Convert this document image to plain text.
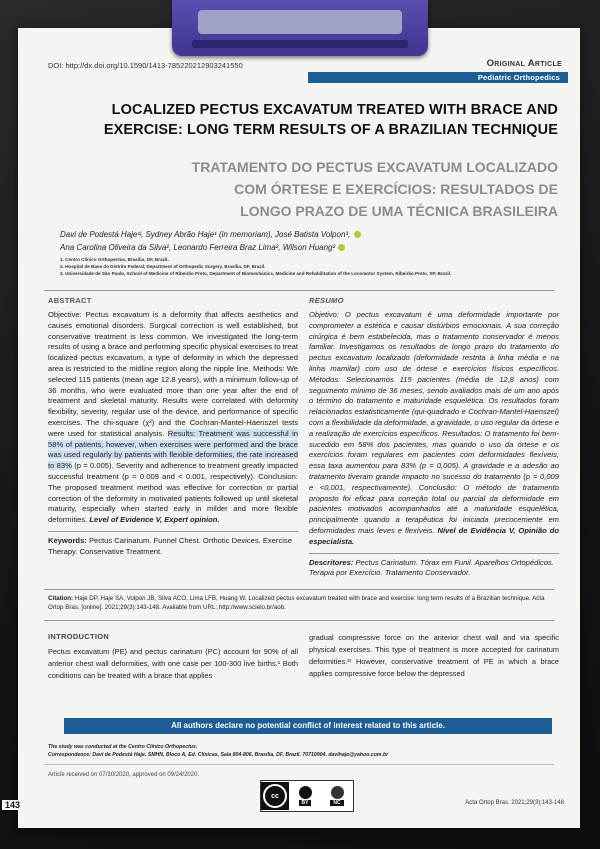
DOI: http://dx.doi.org/10.1590/1413-785220212903241550	Original Article
Pediatric Orthopedics
LOCALIZED PECTUS EXCAVATUM TREATED WITH BRACE AND EXERCISE: LONG TERM RESULTS OF A BRAZILIAN TECHNIQUE
TRATAMENTO DO PECTUS EXCAVATUM LOCALIZADO
COM ÓRTESE E EXERCÍCIOS: RESULTADOS DE
LONGO PRAZO DE UMA TÉCNICA BRASILEIRA
Davi de Podestá Haje¹ʲ, Sydney Abrão Haje¹ (in memoriam), José Batista Volpon³,
Ana Carolina Oliveira da Silva², Leonardo Ferreira Braz Lima², Wilson Huang²
1. Centro Clínico Orthopectus, Brasília, DF, Brazil.
2. Hospital de Base do Distrito Federal, Department of Orthopedic Surgery, Brasília, DF, Brazil.
3. Universidade de São Paulo, School of Medicine of Ribeirão Preto, Department of Biomechanics, Medicine and Rehabilitation of the Locomotor System, Ribeirão Preto, SP, Brazil.
ABSTRACT
Objective: Pectus excavatum is a deformity that affects aesthetics and causes emotional disorders. Surgical correction is well established, but conservative treatment is less common. We investigated the long-term results of using a brace and performing specific physical exercises to treat localized pectus excavatum, a type of deformity in which the depressed area is restricted to the midline region along the nipple line. Methods: We selected 115 patients (mean age 12.8 years), with a minimum follow-up of 36 months, who were evaluated more than one year after the end of treatment and skeletal maturity. Results were correlated with deformity flexibility, severity, regular use of the device, and performance of specific exercises. The chi-square (χ²) and the Cochran-Mantel-Haenszel tests were used for statistical analysis. Results: Treatment was successful in 58% of patients, however, when exercises were performed and the brace was used regularly by patients with flexible deformities, the rate increased to 83% (p = 0.005). Severity and adherence to treatment greatly impacted successful treatment (p = 0.009 and < 0.001, respectively). Conclusion: The proposed treatment method was effective for correction or partial correction of the deformity in motivated patients followed up until skeletal maturity, especially when started early in milder and more flexible deformities. Level of Evidence V, Expert opinion.
Keywords: Pectus Carinatum. Funnel Chest. Orthotic Devices. Exercise Therapy. Conservative Treatment.
RESUMO
Objetivo: O pectus excavatum é uma deformidade importante por comprometer a estética e causar distúrbios emocionais. A sua correção cirúrgica é bem estabelecida, mas o tratamento conservador é menos familiar. Investigamos os resultados de longo prazo do tratamento do pectus excavatum localizado (deformidade restrita à linha média e na linha mamilar) com uso de órtese e exercícios físicos específicos. Métodos: Selecionamos 115 pacientes (média de 12,8 anos) com seguimento mínimo de 36 meses, sendo avaliados mais de um ano após o término do tratamento e maturidade esquelética. Os resultados foram relacionados estatisticamente (qui-quadrado e Cochran-Mantel-Haenszel) com a flexibilidade da deformidade, a gravidade, o uso regular da órtese e a realização de exercícios específicos. Resultados: O tratamento foi bem-sucedido em 58% dos pacientes, mas quando o uso da órtese e os exercícios foram regulares em pacientes com deformidades flexíveis, essa taxa aumentou para 83% (p = 0,005). A gravidade e a adesão ao tratamento tiveram grande impacto no sucesso do tratamento (p = 0,009 e <0,001, respectivamente). Conclusão: O método de tratamento proposto foi eficaz para correção total ou parcial da deformidade em pacientes motivados acompanhados até a maturidade esquelética, principalmente quando a terapêutica foi iniciada precocemente em deformidades mais leves e flexíveis. Nível de Evidência V, Opinião do especialista.
Descritores: Pectus Carinatum. Tórax em Funil. Aparelhos Ortopédicos. Terapia por Exercício. Tratamento Conservador.
Citation: Haje DP, Haje SA, Volpon JB, Silva ACO, Lima LFB, Huang W. Localized pectus excavatum treated with brace and exercise: long term results of a Brazilian technique. Acta Ortop Bras. [online]. 2021;29(3):143-148. Available from URL: http://www.scielo.br/aob.
INTRODUCTION
Pectus excavatum (PE) and pectus carinatum (PC) account for 90% of all anterior chest wall deformities, with one case per 100-300 live births.¹ Both conditions can be treated with a brace that applies
gradual compressive force on the anterior chest wall and via specific physical exercises. This type of treatment is more accepted for carinatum deformities.²ʳ However, conservative treatment of PE in which a brace applies compressive force below the depressed
All authors declare no potential conflict of interest related to this article.
The study was conducted at the Centro Clínico Orthopectus.
Correspondence: Davi de Podestá Haje. SMHN, Bloco A, Ed. Clínicas, Sala 804-806, Brasília, DF, Brazil. 70710904. davihaje@yahoo.com.br
Article received on 07/30/2020, approved on 09/24/2020.
Acta Ortop Bras. 2021;29(3):143-148
cc
BY	NC
143
